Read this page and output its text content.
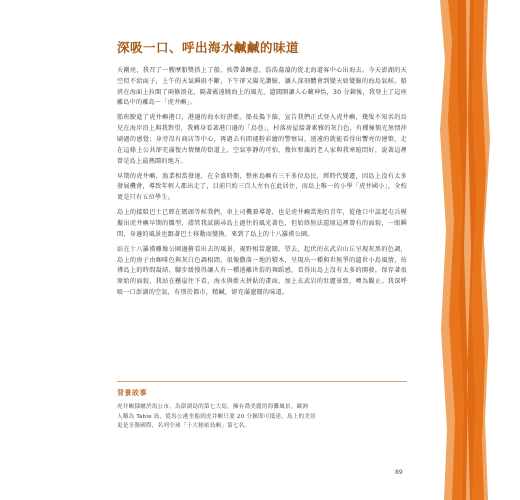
深吸一口、呼出海水鹹鹹的味道

天剛亮，我召了一艘摩船獎搭上了船，挨帶著睡意，浩浩蕩蕩的從北海道客中心出海去。今天澎湖的天空似不給面子，上午的天氣瞬雨不斷，下午卻又陽光讚臉，讓人深刻體會到變天如變臉的海島氣候。船班在海面上拉開了兩條浪花，隔著霧遠眺海上的風光，遺闊開讓人心曠神怡，30 分鐘後，我登上了這座離島中的離島－「虎井嶼」。

船班駛進了虎井嶼港口，港邊的海水好湛藍。船長搗下篩，宣告我們正式登入虎井嶼，幾隻不知名的鳥兒在海岸沿上與我對望，我轉身看著港口邊的「鳥巷」，村落房屋接著素雅的灰白色，有種極簡光無情沖刷過的感覺；身旁沒有商店等中心，再過去有間褪粉彩繪的警察局，遠遠的就能看得出響亮的建築，走在這條上公共卻充滿復古情懷的街道上，空氣寧靜的可怕，幾位和藹的老人家與我寒暄問好，說著這裡曾是島上最熱鬧的地方。

早期的虎井嶼，漁業相當發達，在全盛時期，整座島嶼有三千多位島民，經時代變遷，因島上沒有太多發展機會，導致年輕人都出走了，目前只約三百人左右在此居住，而島上唯一的小學「虎井國小」，全校更是只有五位學生。

島上的接駁巴士已經在碼頭等候我們，車上司機兼導遊，也是虎井嶼當地的青年，從他口中談起屯兵模擬出虎井嶼早期的雛型，儘管我試圖尋島上過往的風光著色，但始終無法還原這裡曾有的面貌，一眼瞬間，身邊的風景也跟著巴士移動而變換，來到了島上的十八羅漢公園。

站在十八羅漢雕像公園邊俯看出去的風景，視野相當遼闊，望去，起伏的玄武岩山丘呈現灰黑的色調，島上的房子由咖啡色與灰白色調相間，很像撒落一地的積木，呈現出一種與世無爭的遺世小島風情，彷彿島上的時間凝結，腳步緩慢得讓人有一種遠離世俗的舞蹈感，看得出島上沒有太多的開發，保存著很原始的面貌，我站在懸崖往下看，海水與藍天拼貼的畫面，加上玄武岩的壯麗景致，噢為觀止。我深呼吸一口澎湖的空氣，有別於都市，精鹹，卻充滿遼闊的味道。

背景故事
虎井嶼隸屬於馬公市，為澎湖島的第七大島，擁有喬美麗的海灘風景，歐洲
人稱為 Table 島，從馬公港坐船到虎井嶼只要 20 分鐘即可抵達，島上的美景
更是享譽國際，名列全球「十大秘密島嶼」第七名。
89
